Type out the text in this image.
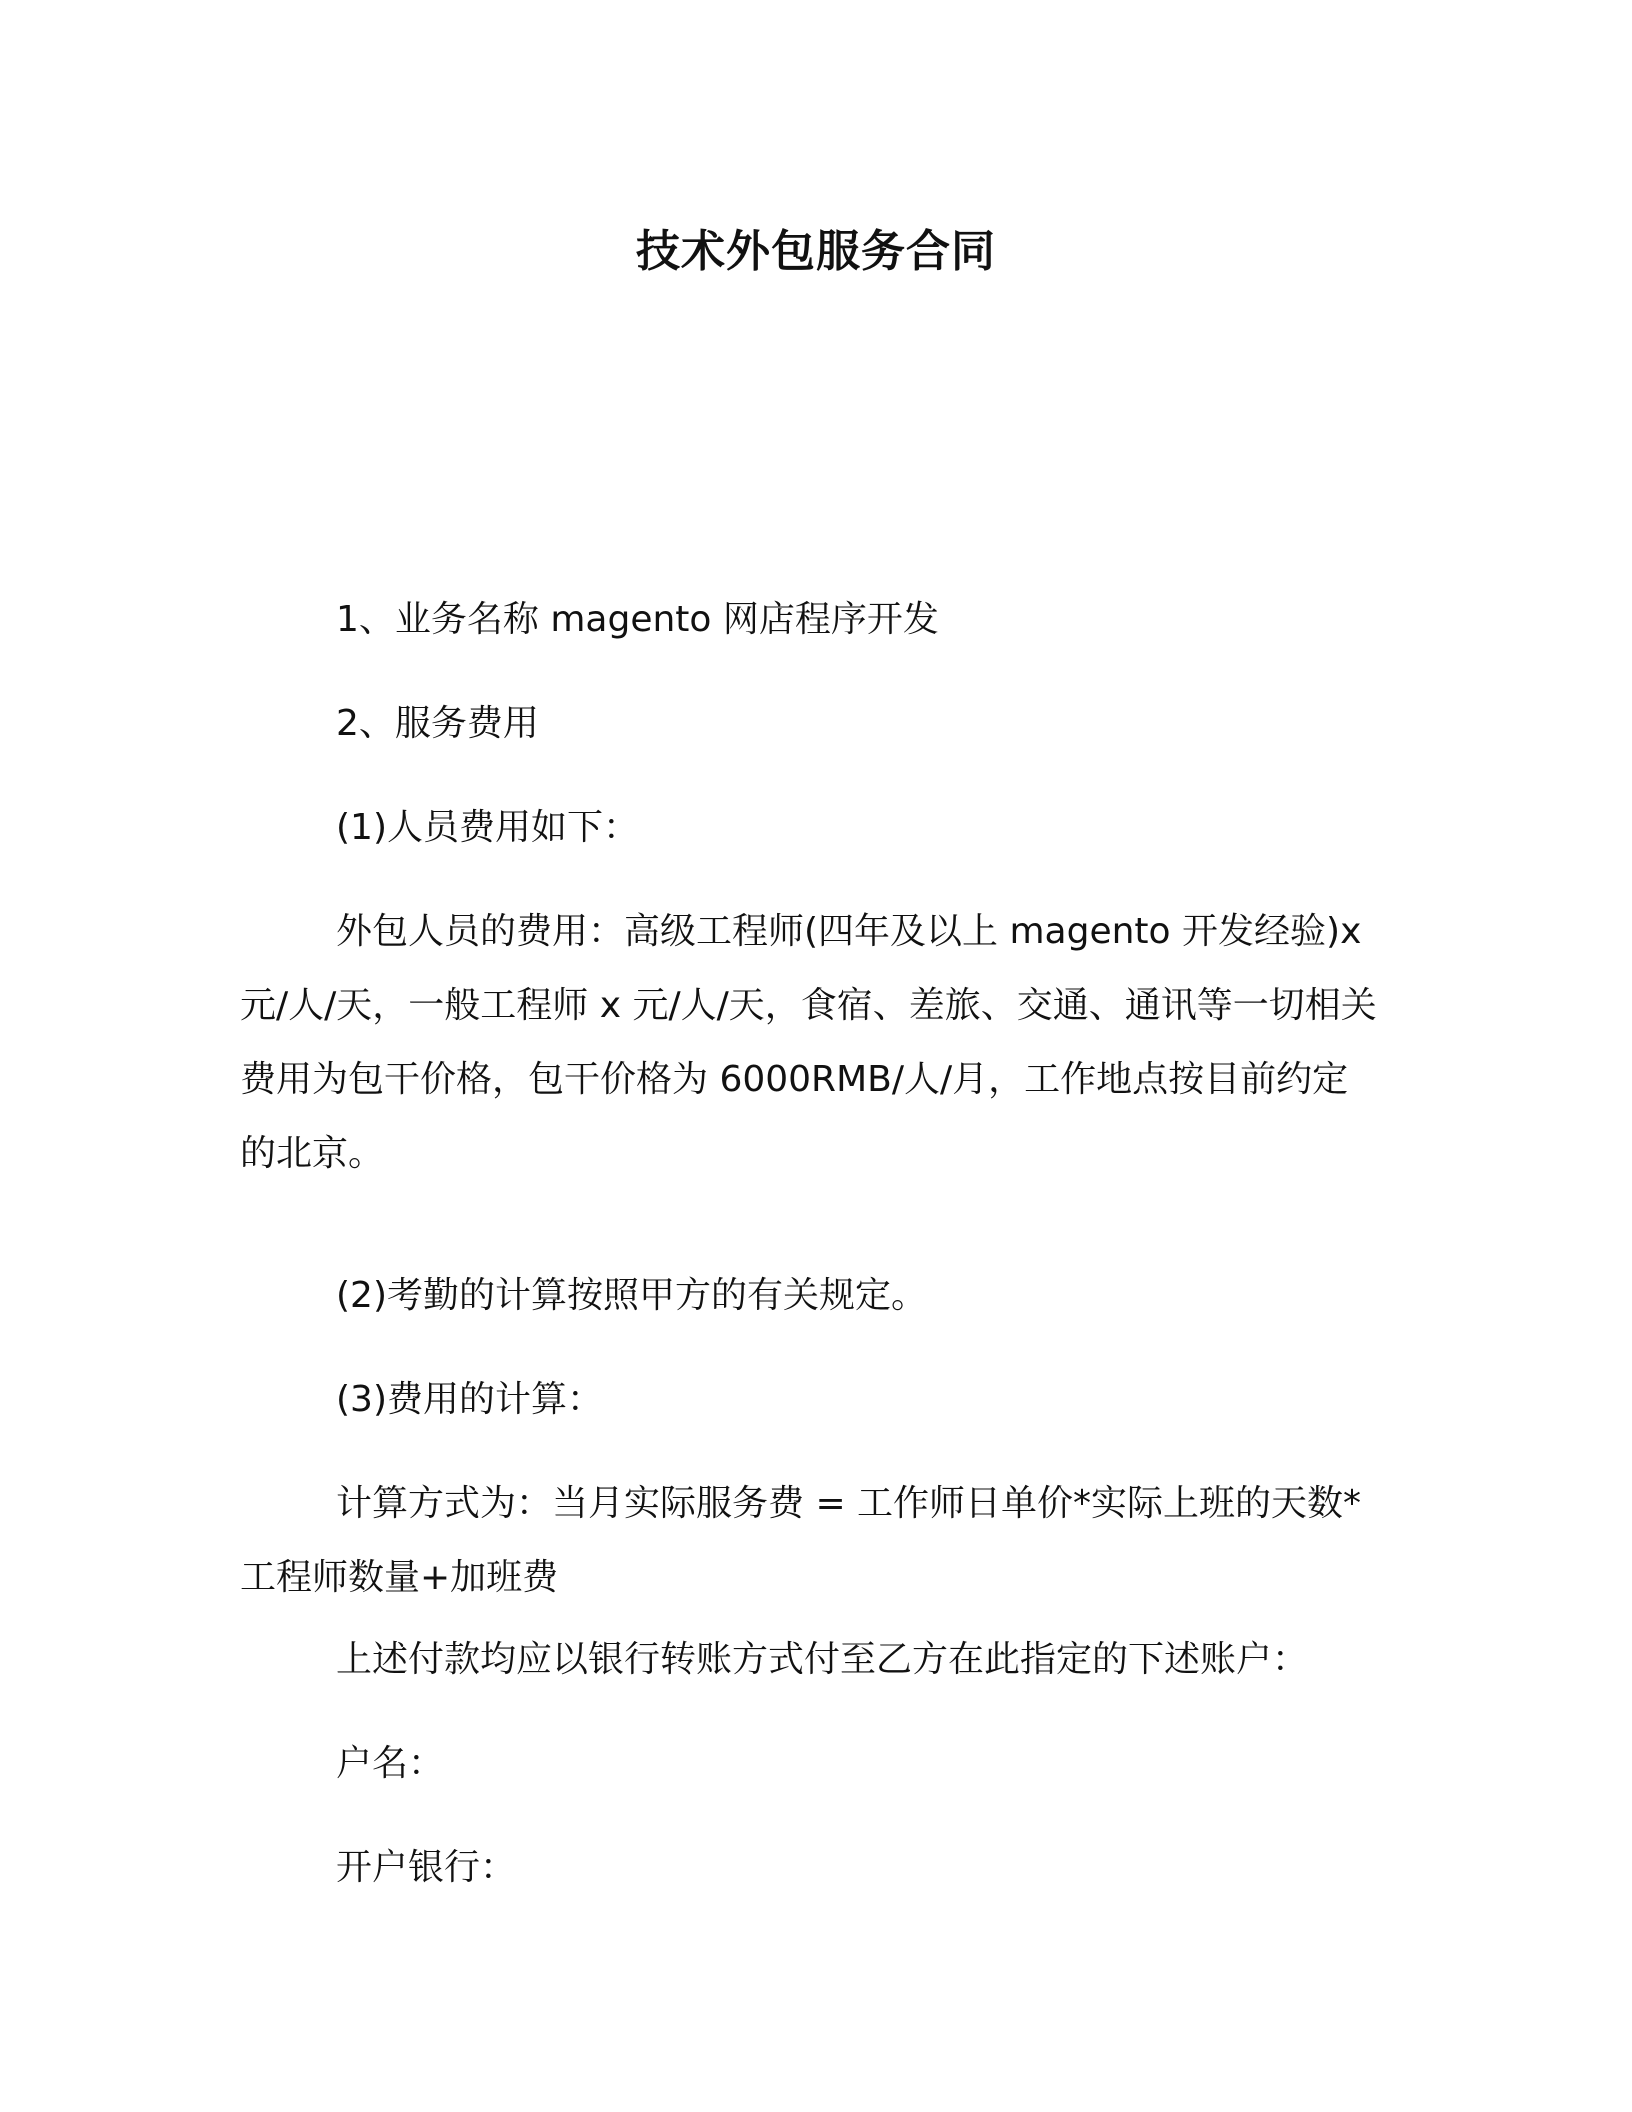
技术外包服务合同

1、业务名称 magento 网店程序开发

2、服务费用

(1)人员费用如下：

外包人员的费用：高级工程师(四年及以上 magento 开发经验)x元/人/天，一般工程师 x 元/人/天，食宿、差旅、交通、通讯等一切相关费用为包干价格，包干价格为 6000RMB/人/月，工作地点按目前约定的北京。

(2)考勤的计算按照甲方的有关规定。

(3)费用的计算：

计算方式为：当月实际服务费 = 工作师日单价*实际上班的天数*工程师数量+加班费

上述付款均应以银行转账方式付至乙方在此指定的下述账户：

户名：

开户银行：
